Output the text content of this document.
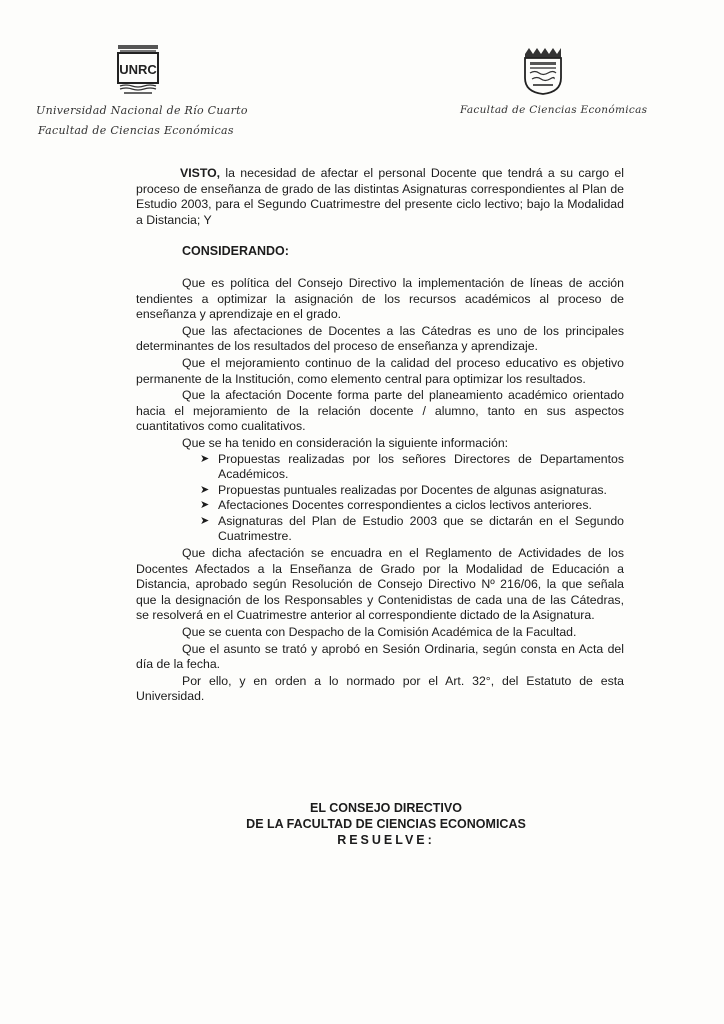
UNRC
Universidad Nacional de Río Cuarto
Facultad de Ciencias Económicas
Facultad de Ciencias Económicas

VISTO, la necesidad de afectar el personal Docente que tendrá a su cargo el proceso de enseñanza de grado de las distintas Asignaturas correspondientes al Plan de Estudio 2003, para el Segundo Cuatrimestre del presente ciclo lectivo; bajo la Modalidad a Distancia; Y

CONSIDERANDO:

Que es política del Consejo Directivo la implementación de líneas de acción tendientes a optimizar la asignación de los recursos académicos al proceso de enseñanza y aprendizaje en el grado.

Que las afectaciones de Docentes a las Cátedras es uno de los principales determinantes de los resultados del proceso de enseñanza y aprendizaje.

Que el mejoramiento continuo de la calidad del proceso educativo es objetivo permanente de la Institución, como elemento central para optimizar los resultados.

Que la afectación Docente forma parte del planeamiento académico orientado hacia el mejoramiento de la relación docente / alumno, tanto en sus aspectos cuantitativos como cualitativos.

Que se ha tenido en consideración la siguiente información:

➤ Propuestas realizadas por los señores Directores de Departamentos Académicos.
➤ Propuestas puntuales realizadas por Docentes de algunas asignaturas.
➤ Afectaciones Docentes correspondientes a ciclos lectivos anteriores.
➤ Asignaturas del Plan de Estudio 2003 que se dictarán en el Segundo Cuatrimestre.

Que dicha afectación se encuadra en el Reglamento de Actividades de los Docentes Afectados a la Enseñanza de Grado por la Modalidad de Educación a Distancia, aprobado según Resolución de Consejo Directivo Nº 216/06, la que señala que la designación de los Responsables y Contenidistas de cada una de las Cátedras, se resolverá en el Cuatrimestre anterior al correspondiente dictado de la Asignatura.

Que se cuenta con Despacho de la Comisión Académica de la Facultad.

Que el asunto se trató y aprobó en Sesión Ordinaria, según consta en Acta del día de la fecha.

Por ello, y en orden a lo normado por el Art. 32°, del Estatuto de esta Universidad.

EL CONSEJO DIRECTIVO
DE LA FACULTAD DE CIENCIAS ECONOMICAS
RESUELVE:
